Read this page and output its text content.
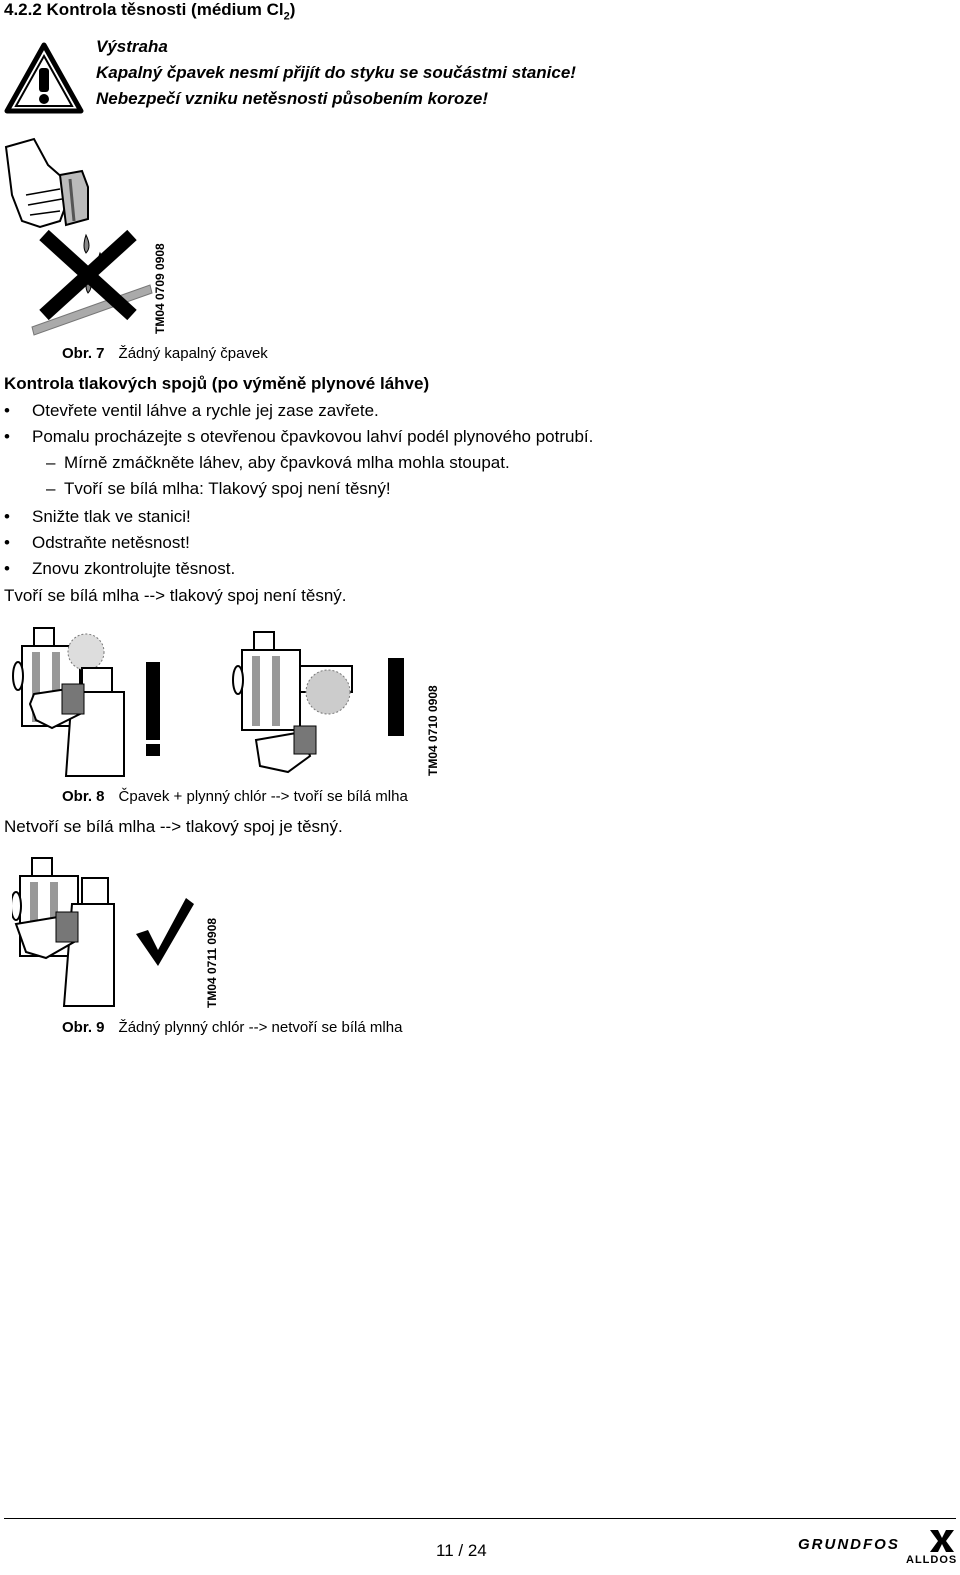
4.2.2 Kontrola těsnosti (médium $Cl_2$)
Výstraha
Kapalný čpavek nesmí přijít do styku se součástmi stanice!
Nebezpečí vzniku netěsnosti působením koroze!
TM04 0709 0908
Obr. 7 Žádný kapalný čpavek
Kontrola tlakových spojů (po výměně plynové láhve)
• Otevřete ventil láhve a rychle jej zase zavřete.
• Pomalu procházejte s otevřenou čpavkovou lahví podél plynového potrubí.
– Mírně zmáčkněte láhev, aby čpavková mlha mohla stoupat.
– Tvoří se bílá mlha: Tlakový spoj není těsný!
• Snižte tlak ve stanici!
• Odstraňte netěsnost!
• Znovu zkontrolujte těsnost.
Tvoří se bílá mlha --> tlakový spoj není těsný.
TM04 0710 0908
Obr. 8 Čpavek + plynný chlór --> tvoří se bílá mlha
Netvoří se bílá mlha --> tlakový spoj je těsný.
TM04 0711 0908
Obr. 9 Žádný plynný chlór --> netvoří se bílá mlha
11 / 24	GRUNDFOS
ALLDOS
